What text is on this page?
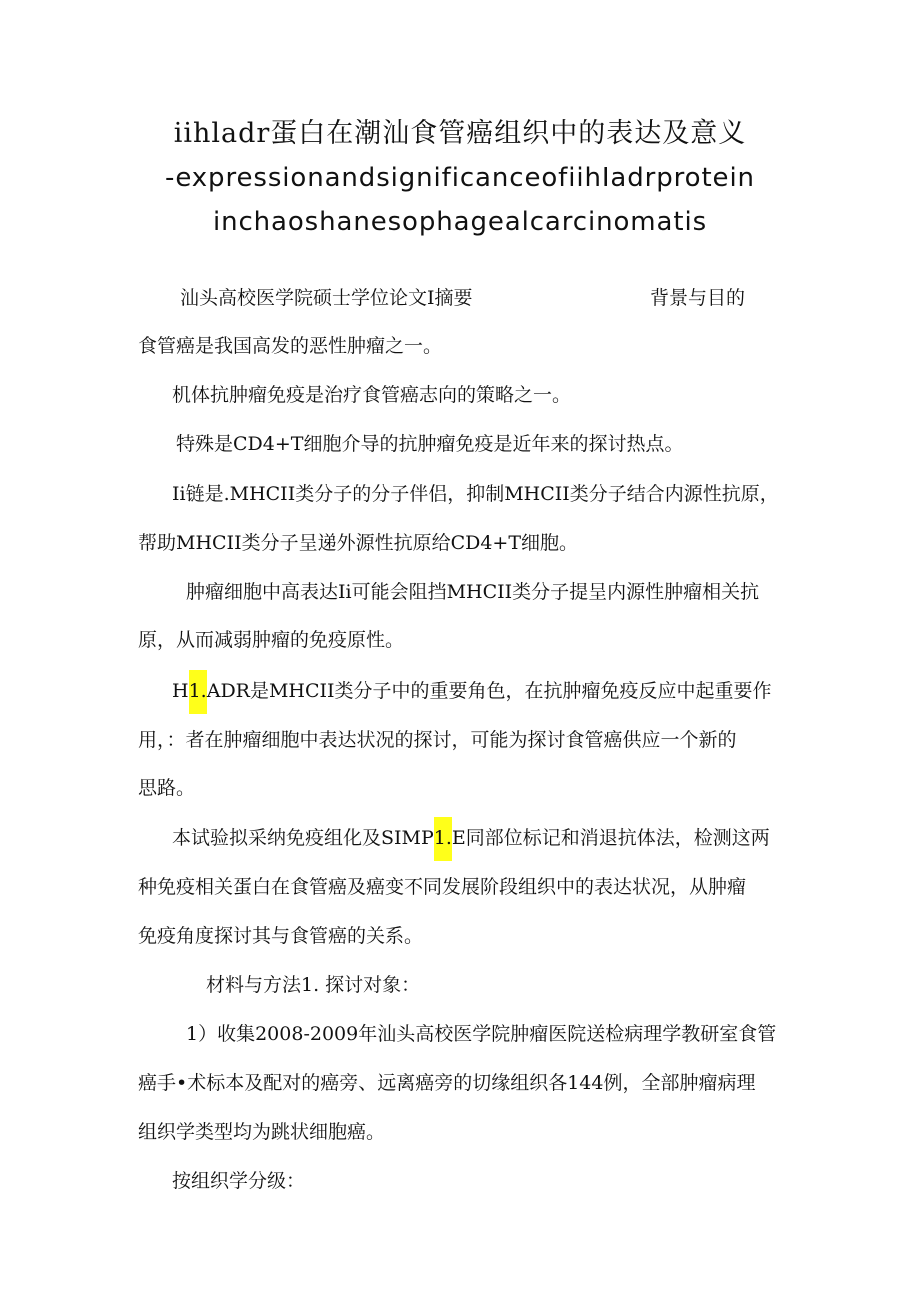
iihladr蛋白在潮汕食管癌组织中的表达及意义
-expressionandsignificanceofiihIadrprotein
inchaoshanesophagealcarcinomatis
汕头高校医学院硕士学位论文I摘要	背景与目的
食管癌是我国高发的恶性肿瘤之一。
机体抗肿瘤免疫是治疗食管癌志向的策略之一。
特殊是CD4+T细胞介导的抗肿瘤免疫是近年来的探讨热点。
Ii链是.MHCII类分子的分子伴侣，抑制MHCII类分子结合内源性抗原，
帮助MHCII类分子呈递外源性抗原给CD4+T细胞。
肿瘤细胞中高表达Ii可能会阻挡MHCII类分子提呈内源性肿瘤相关抗
原，从而减弱肿瘤的免疫原性。
H1.ADR是MHCII类分子中的重要角色，在抗肿瘤免疫反应中起重要作
用，：者在肿瘤细胞中表达状况的探讨，可能为探讨食管癌供应一个新的
思路。
本试验拟采纳免疫组化及SIMP1.E同部位标记和消退抗体法，检测这两
种免疫相关蛋白在食管癌及癌变不同发展阶段组织中的表达状况，从肿瘤
免疫角度探讨其与食管癌的关系。
材料与方法1. 探讨对象：
1）收集2008-2009年汕头高校医学院肿瘤医院送检病理学教研室食管
癌手•术标本及配对的癌旁、远离癌旁的切缘组织各144例，全部肿瘤病理
组织学类型均为跳状细胞癌。
按组织学分级：
